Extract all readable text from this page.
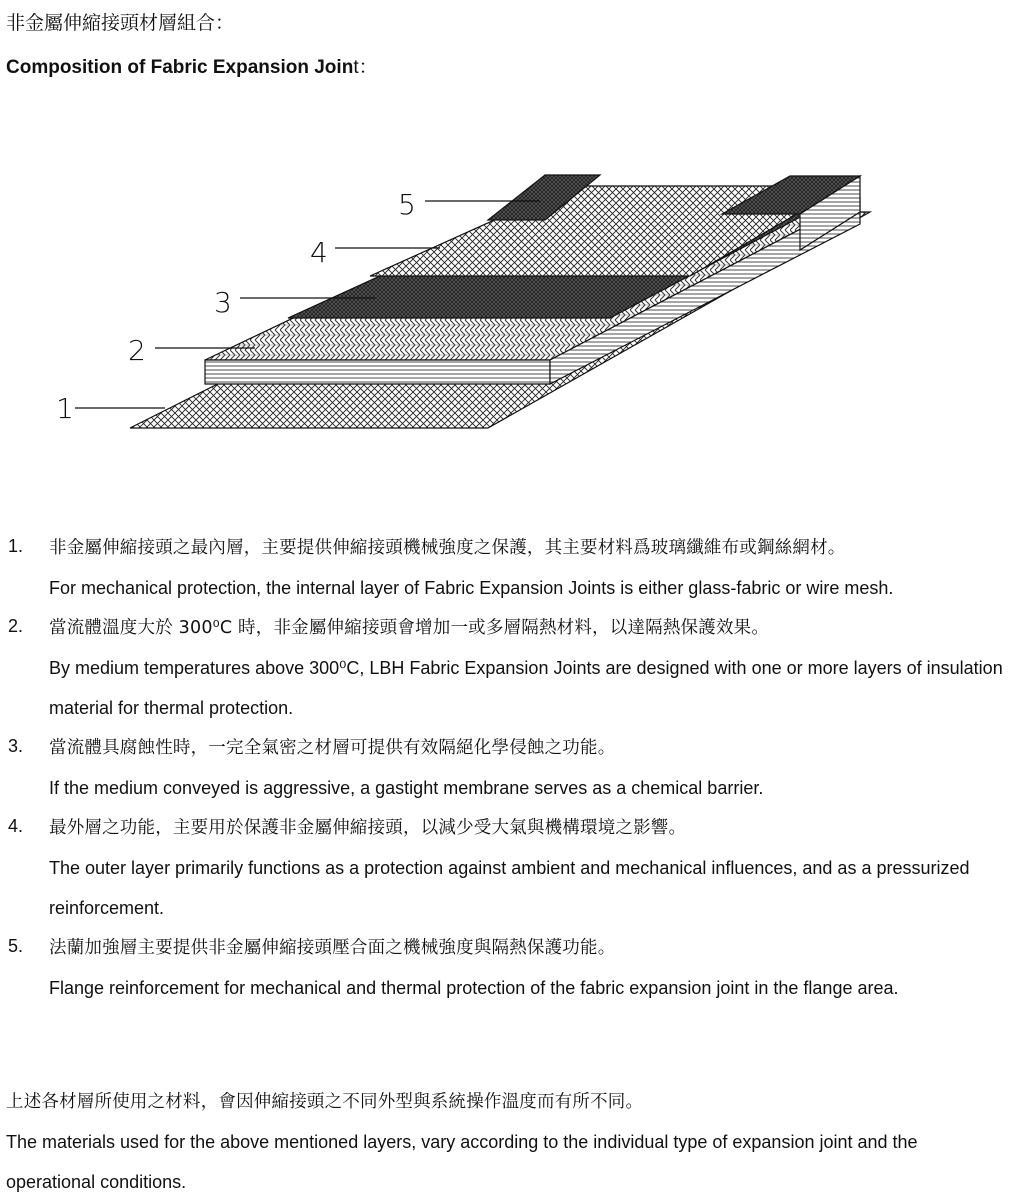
非金屬伸縮接頭材層組合：
Composition of Fabric Expansion Joint：
1
2
3
4
5
1. 非金屬伸縮接頭之最內層，主要提供伸縮接頭機械強度之保護，其主要材料爲玻璃纖維布或鋼絲網材。
For mechanical protection, the internal layer of Fabric Expansion Joints is either glass-fabric or wire mesh.
2. 當流體溫度大於 300⁰C 時，非金屬伸縮接頭會增加一或多層隔熱材料，以達隔熱保護效果。
By medium temperatures above 300⁰C, LBH Fabric Expansion Joints are designed with one or more layers of insulation material for thermal protection.
3. 當流體具腐蝕性時，一完全氣密之材層可提供有效隔絕化學侵蝕之功能。
If the medium conveyed is aggressive, a gastight membrane serves as a chemical barrier.
4. 最外層之功能，主要用於保護非金屬伸縮接頭，以減少受大氣與機構環境之影響。
The outer layer primarily functions as a protection against ambient and mechanical influences, and as a pressurized reinforcement.
5. 法蘭加強層主要提供非金屬伸縮接頭壓合面之機械強度與隔熱保護功能。
Flange reinforcement for mechanical and thermal protection of the fabric expansion joint in the flange area.
上述各材層所使用之材料，會因伸縮接頭之不同外型與系統操作溫度而有所不同。
The materials used for the above mentioned layers, vary according to the individual type of expansion joint and the operational conditions.
